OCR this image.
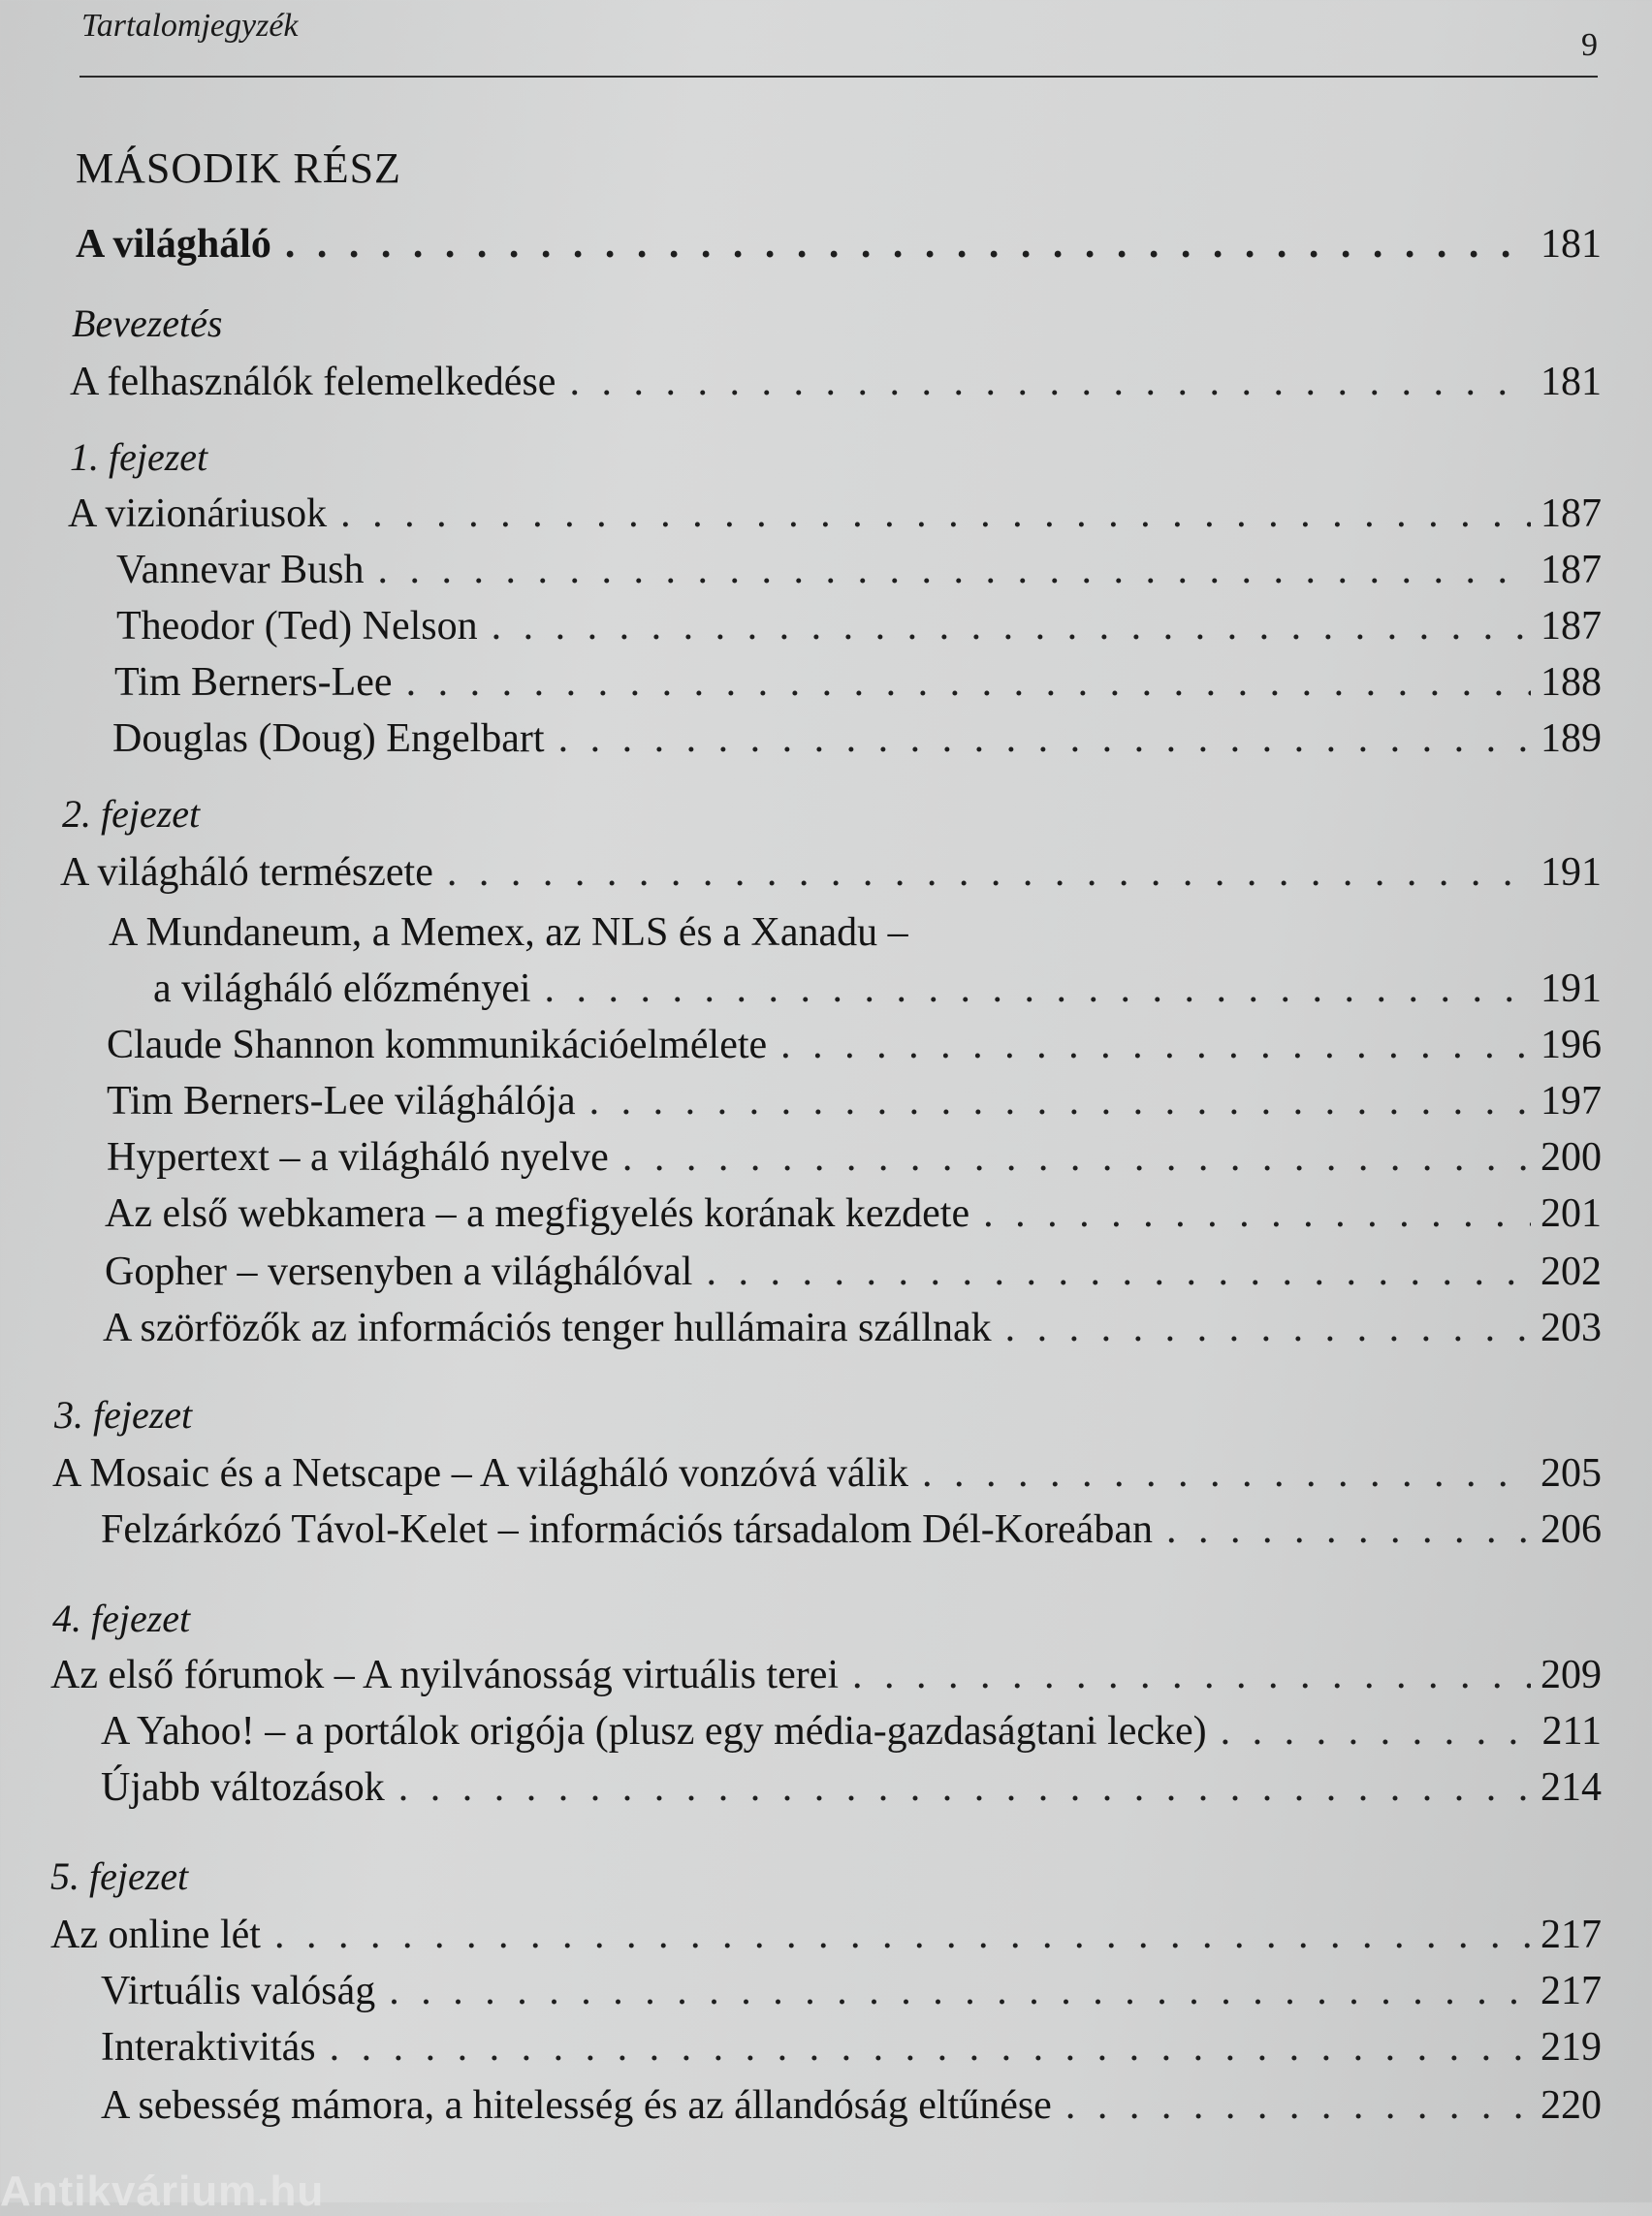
Tartalomjegyzék
9
MÁSODIK RÉSZ
A világháló . . .	181
Bevezetés
A felhasználók felemelkedése . . .	181
1. fejezet
A vizionáriusok . . .	187
Vannevar Bush . . .	187
Theodor (Ted) Nelson . . .	187
Tim Berners-Lee . . .	188
Douglas (Doug) Engelbart . . .	189
2. fejezet
A világháló természete . . .	191
A Mundaneum, a Memex, az NLS és a Xanadu –
a világháló előzményei . . .	191
Claude Shannon kommunikációelmélete . . .	196
Tim Berners-Lee világhálója . . .	197
Hypertext – a világháló nyelve . . .	200
Az első webkamera – a megfigyelés korának kezdete . . .	201
Gopher – versenyben a világhálóval . . .	202
A szörfözők az információs tenger hullámaira szállnak . . .	203
3. fejezet
A Mosaic és a Netscape – A világháló vonzóvá válik . . .	205
Felzárkózó Távol-Kelet – információs társadalom Dél-Koreában . . .	206
4. fejezet
Az első fórumok – A nyilvánosság virtuális terei . . .	209
A Yahoo! – a portálok origója (plusz egy média-gazdaságtani lecke) . . .	211
Újabb változások . . .	214
5. fejezet
Az online lét . . .	217
Virtuális valóság . . .	217
Interaktivitás . . .	219
A sebesség mámora, a hitelesség és az állandóság eltűnése . . .	220
Antikvárium.hu
